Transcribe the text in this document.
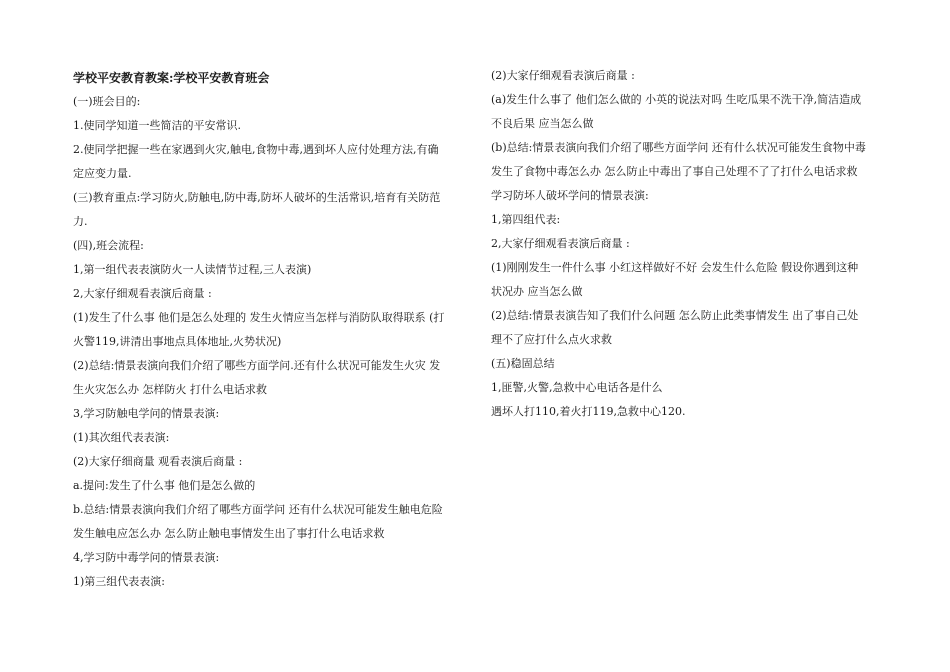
学校平安教育教案:学校平安教育班会
(一)班会目的:
1.使同学知道一些简洁的平安常识.
2.使同学把握一些在家遇到火灾,触电,食物中毒,遇到坏人应付处理方法,有确
定应变力量.
(三)教育重点:学习防火,防触电,防中毒,防坏人破坏的生活常识,培育有关防范
力.
(四),班会流程:
1,第一组代表表演防火一人读情节过程,三人表演)
2,大家仔细观看表演后商量 :
(1)发生了什么事 他们是怎么处理的 发生火情应当怎样与消防队取得联系 (打
火警119,讲清出事地点具体地址,火势状况)
(2)总结:情景表演向我们介绍了哪些方面学问.还有什么状况可能发生火灾 发
生火灾怎么办 怎样防火 打什么电话求救
3,学习防触电学问的情景表演:
(1)其次组代表表演:
(2)大家仔细商量 观看表演后商量 :
a.提问:发生了什么事 他们是怎么做的
b.总结:情景表演向我们介绍了哪些方面学问 还有什么状况可能发生触电危险
发生触电应怎么办 怎么防止触电事情发生出了事打什么电话求救
4,学习防中毒学问的情景表演:
1)第三组代表表演:
(2)大家仔细观看表演后商量 :
(a)发生什么事了 他们怎么做的 小英的说法对吗 生吃瓜果不洗干净,简洁造成
不良后果 应当怎么做
(b)总结:情景表演向我们介绍了哪些方面学问 还有什么状况可能发生食物中毒
发生了食物中毒怎么办 怎么防止中毒出了事自己处理不了了打什么电话求救
学习防坏人破坏学问的情景表演:
1,第四组代表:
2,大家仔细观看表演后商量 :
(1)刚刚发生一件什么事 小红这样做好不好 会发生什么危险 假设你遇到这种
状况办 应当怎么做
(2)总结:情景表演告知了我们什么问题 怎么防止此类事情发生 出了事自己处
理不了应打什么点火求救
(五)稳固总结
1,匪警,火警,急救中心电话各是什么
遇坏人打110,着火打119,急救中心120.
